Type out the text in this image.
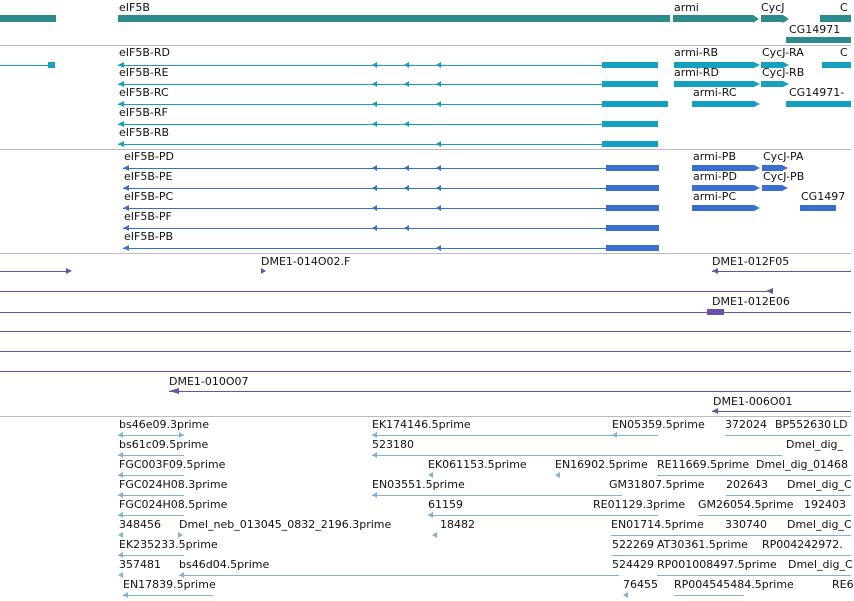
eIF5B	armi	CycJ	C
CG14971
eIF5B-RD
eIF5B-RE
eIF5B-RC
eIF5B-RF
eIF5B-RB
armi-RB
armi-RD
armi-RC
CycJ-RA
CycJ-RB
CG14971-
C
eIF5B-PD
eIF5B-PE
eIF5B-PC
eIF5B-PF
eIF5B-PB
armi-PB
armi-PD
armi-PC
CycJ-PA
CycJ-PB
CG1497
DME1-014O02.F	DME1-012F05
DME1-012E06
DME1-010O07
DME1-006O01
bs46e09.3prime	EK174146.5prime	EN05359.5prime 372024 BP552630 LD
bs61c09.5prime	523180	Dmel_dig_
FGC003F09.5prime	EK061153.5prime	EN16902.5prime RE11669.5prime Dmel_dig_01468
FGC024H08.3prime	EN03551.5prime	GM31807.5prime 202643 Dmel_dig_C
FGC024H08.5prime	61159	RE01129.3prime GM26054.5prime 192403
348456 Dmel_neb_013045_0832_2196.3prime	18482	EN01714.5prime 330740 Dmel_dig_C
EK235233.5prime	522269 AT30361.5prime RP004242972.
357481 bs46d04.5prime	524429 RP001008497.5prime Dmel_dig_C
EN17839.5prime	76455 RP004545484.5prime	RE6
